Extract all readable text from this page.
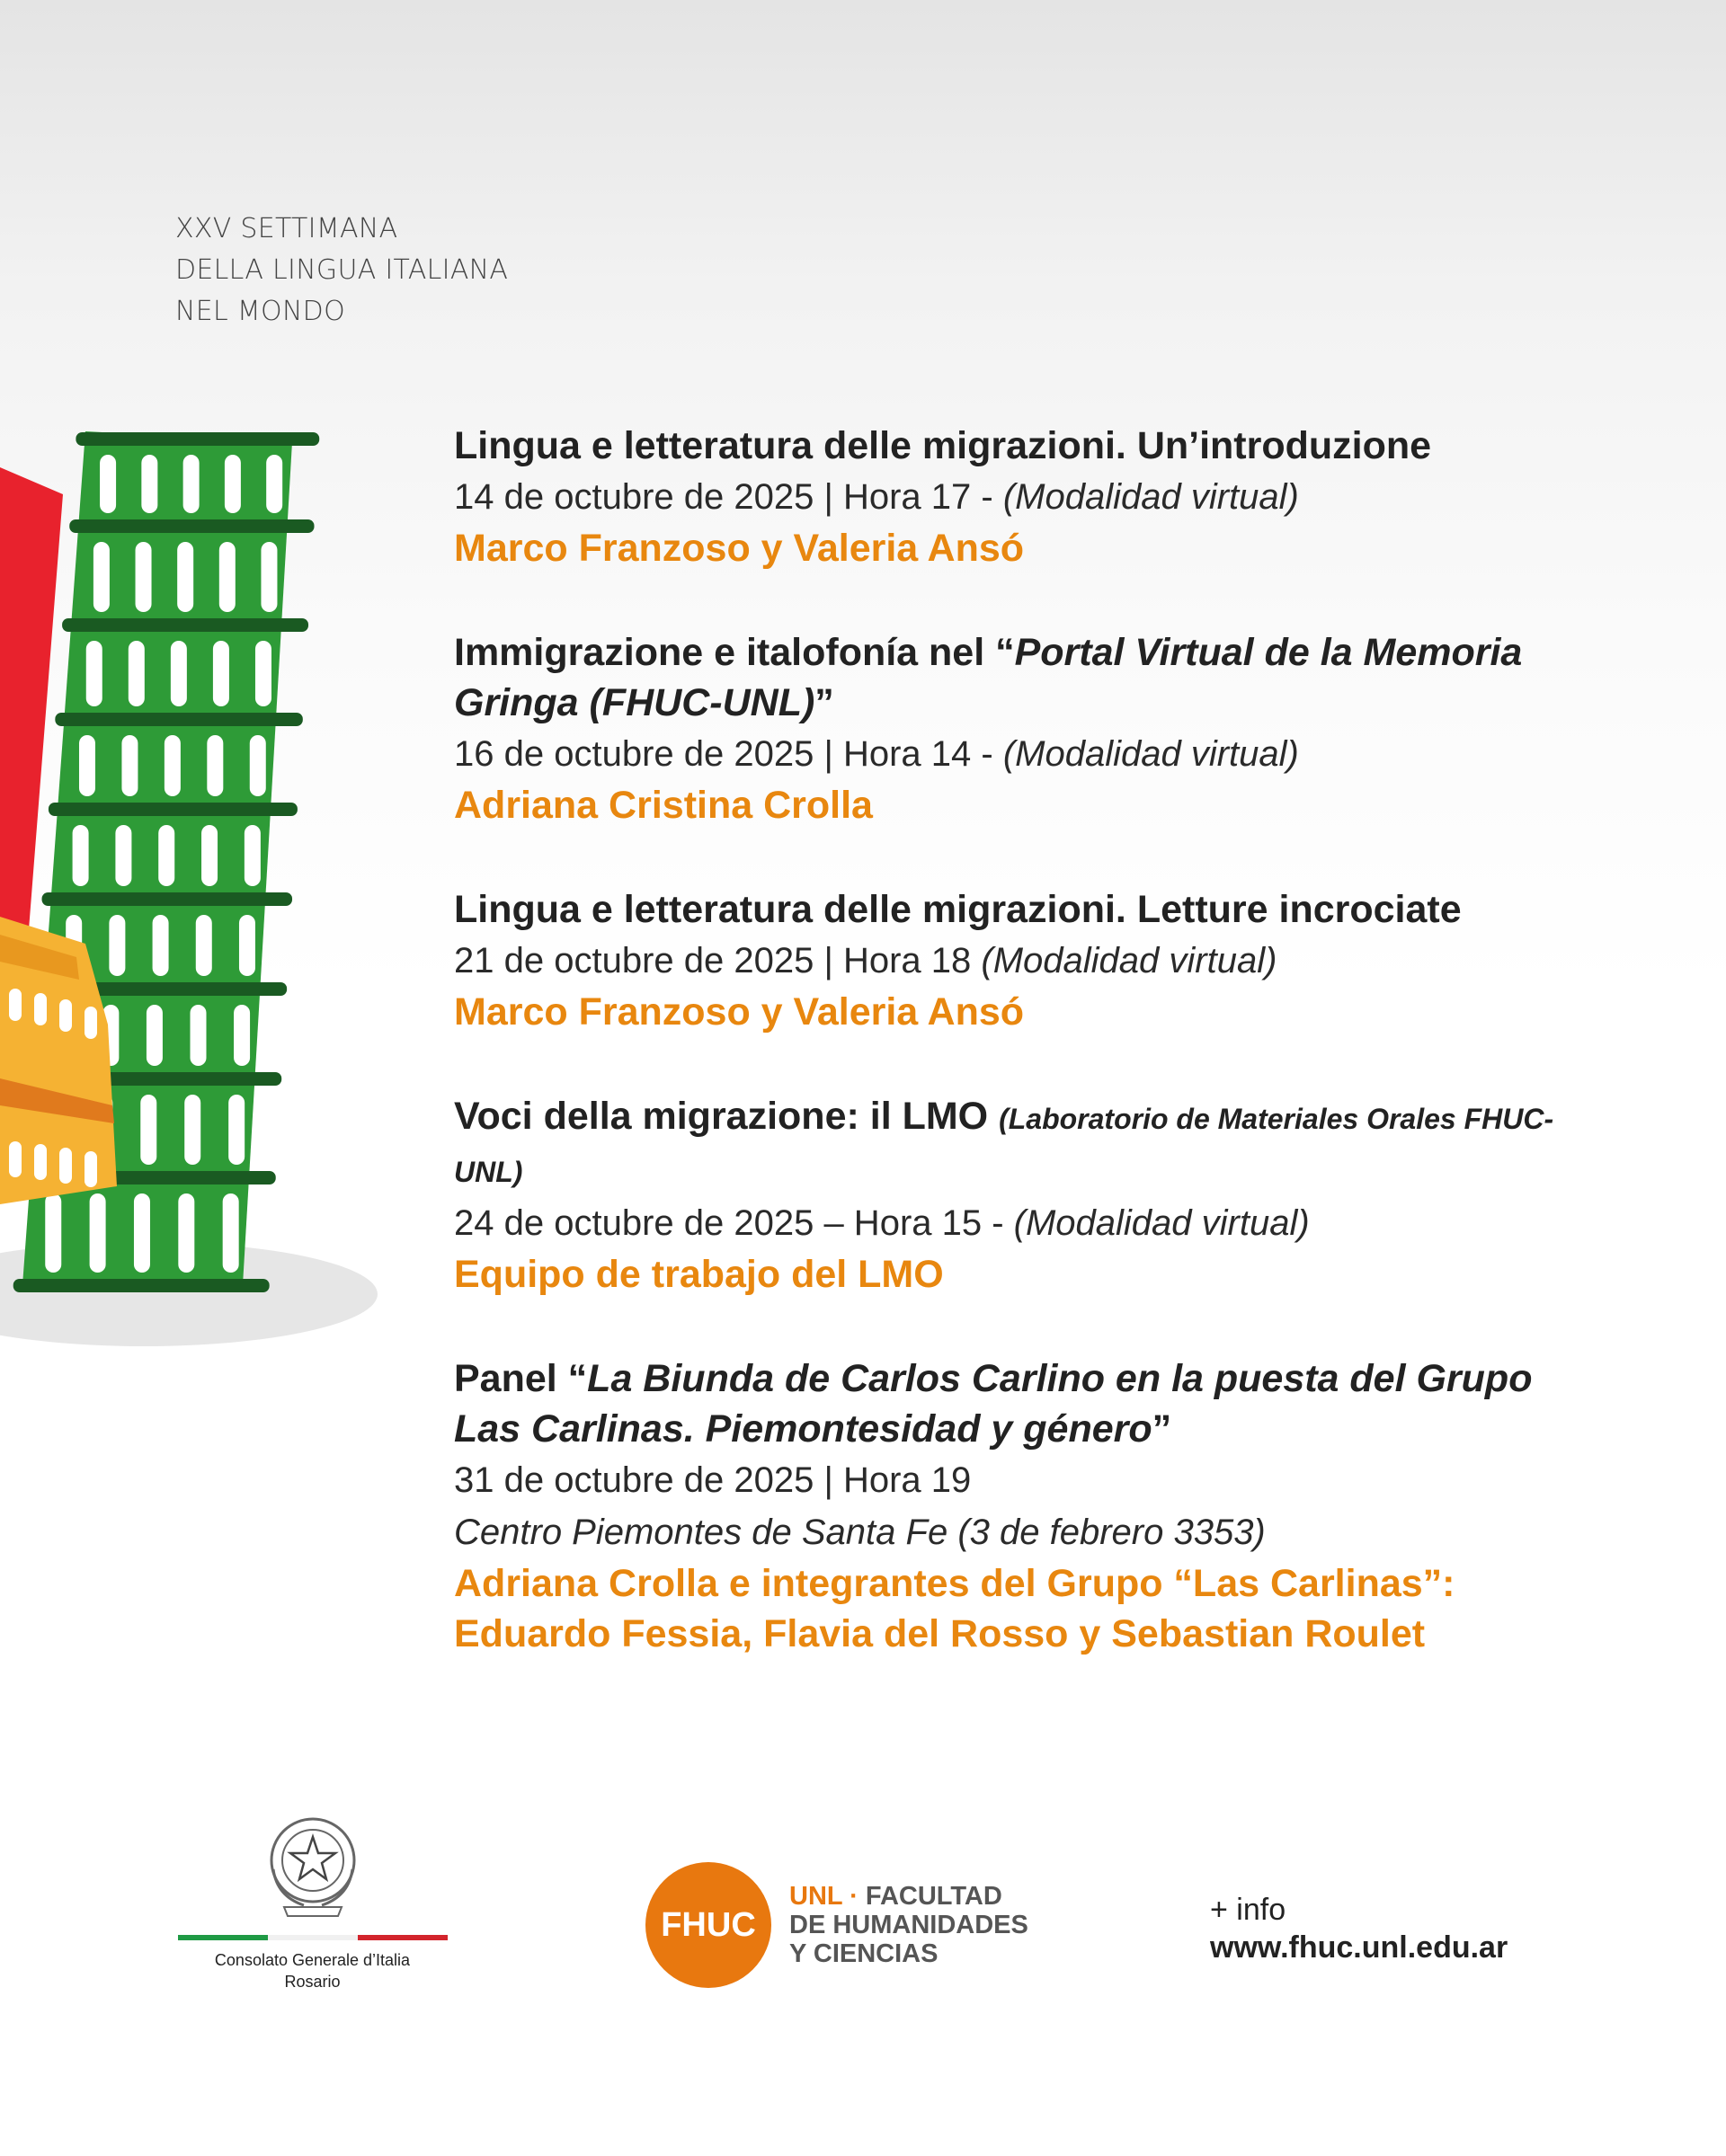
XXV SETTIMANA
DELLA LINGUA ITALIANA
NEL MONDO
Lingua e letteratura delle migrazioni. Un’introduzione
14 de octubre de 2025 | Hora 17 - (Modalidad virtual)
Marco Franzoso y Valeria Ansó
Immigrazione e italofonía nel “Portal Virtual de la Memoria Gringa (FHUC-UNL)”
16 de octubre de 2025 | Hora 14 - (Modalidad virtual)
Adriana Cristina Crolla
Lingua e letteratura delle migrazioni. Letture incrociate
21 de octubre de 2025 | Hora 18 (Modalidad virtual)
Marco Franzoso y Valeria Ansó
Voci della migrazione: il LMO (Laboratorio de Materiales Orales FHUC-UNL)
24 de octubre de 2025 – Hora 15 - (Modalidad virtual)
Equipo de trabajo del LMO
Panel “La Biunda de Carlos Carlino en la puesta del Grupo Las Carlinas. Piemontesidad y género”
31 de octubre de 2025 | Hora 19
Centro Piemontes de Santa Fe (3 de febrero 3353)
Adriana Crolla e integrantes del Grupo “Las Carlinas”:
Eduardo Fessia, Flavia del Rosso y Sebastian Roulet
Consolato Generale d’Italia
Rosario
FHUC
UNL · FACULTAD
DE HUMANIDADES
Y CIENCIAS
+ info
www.fhuc.unl.edu.ar
